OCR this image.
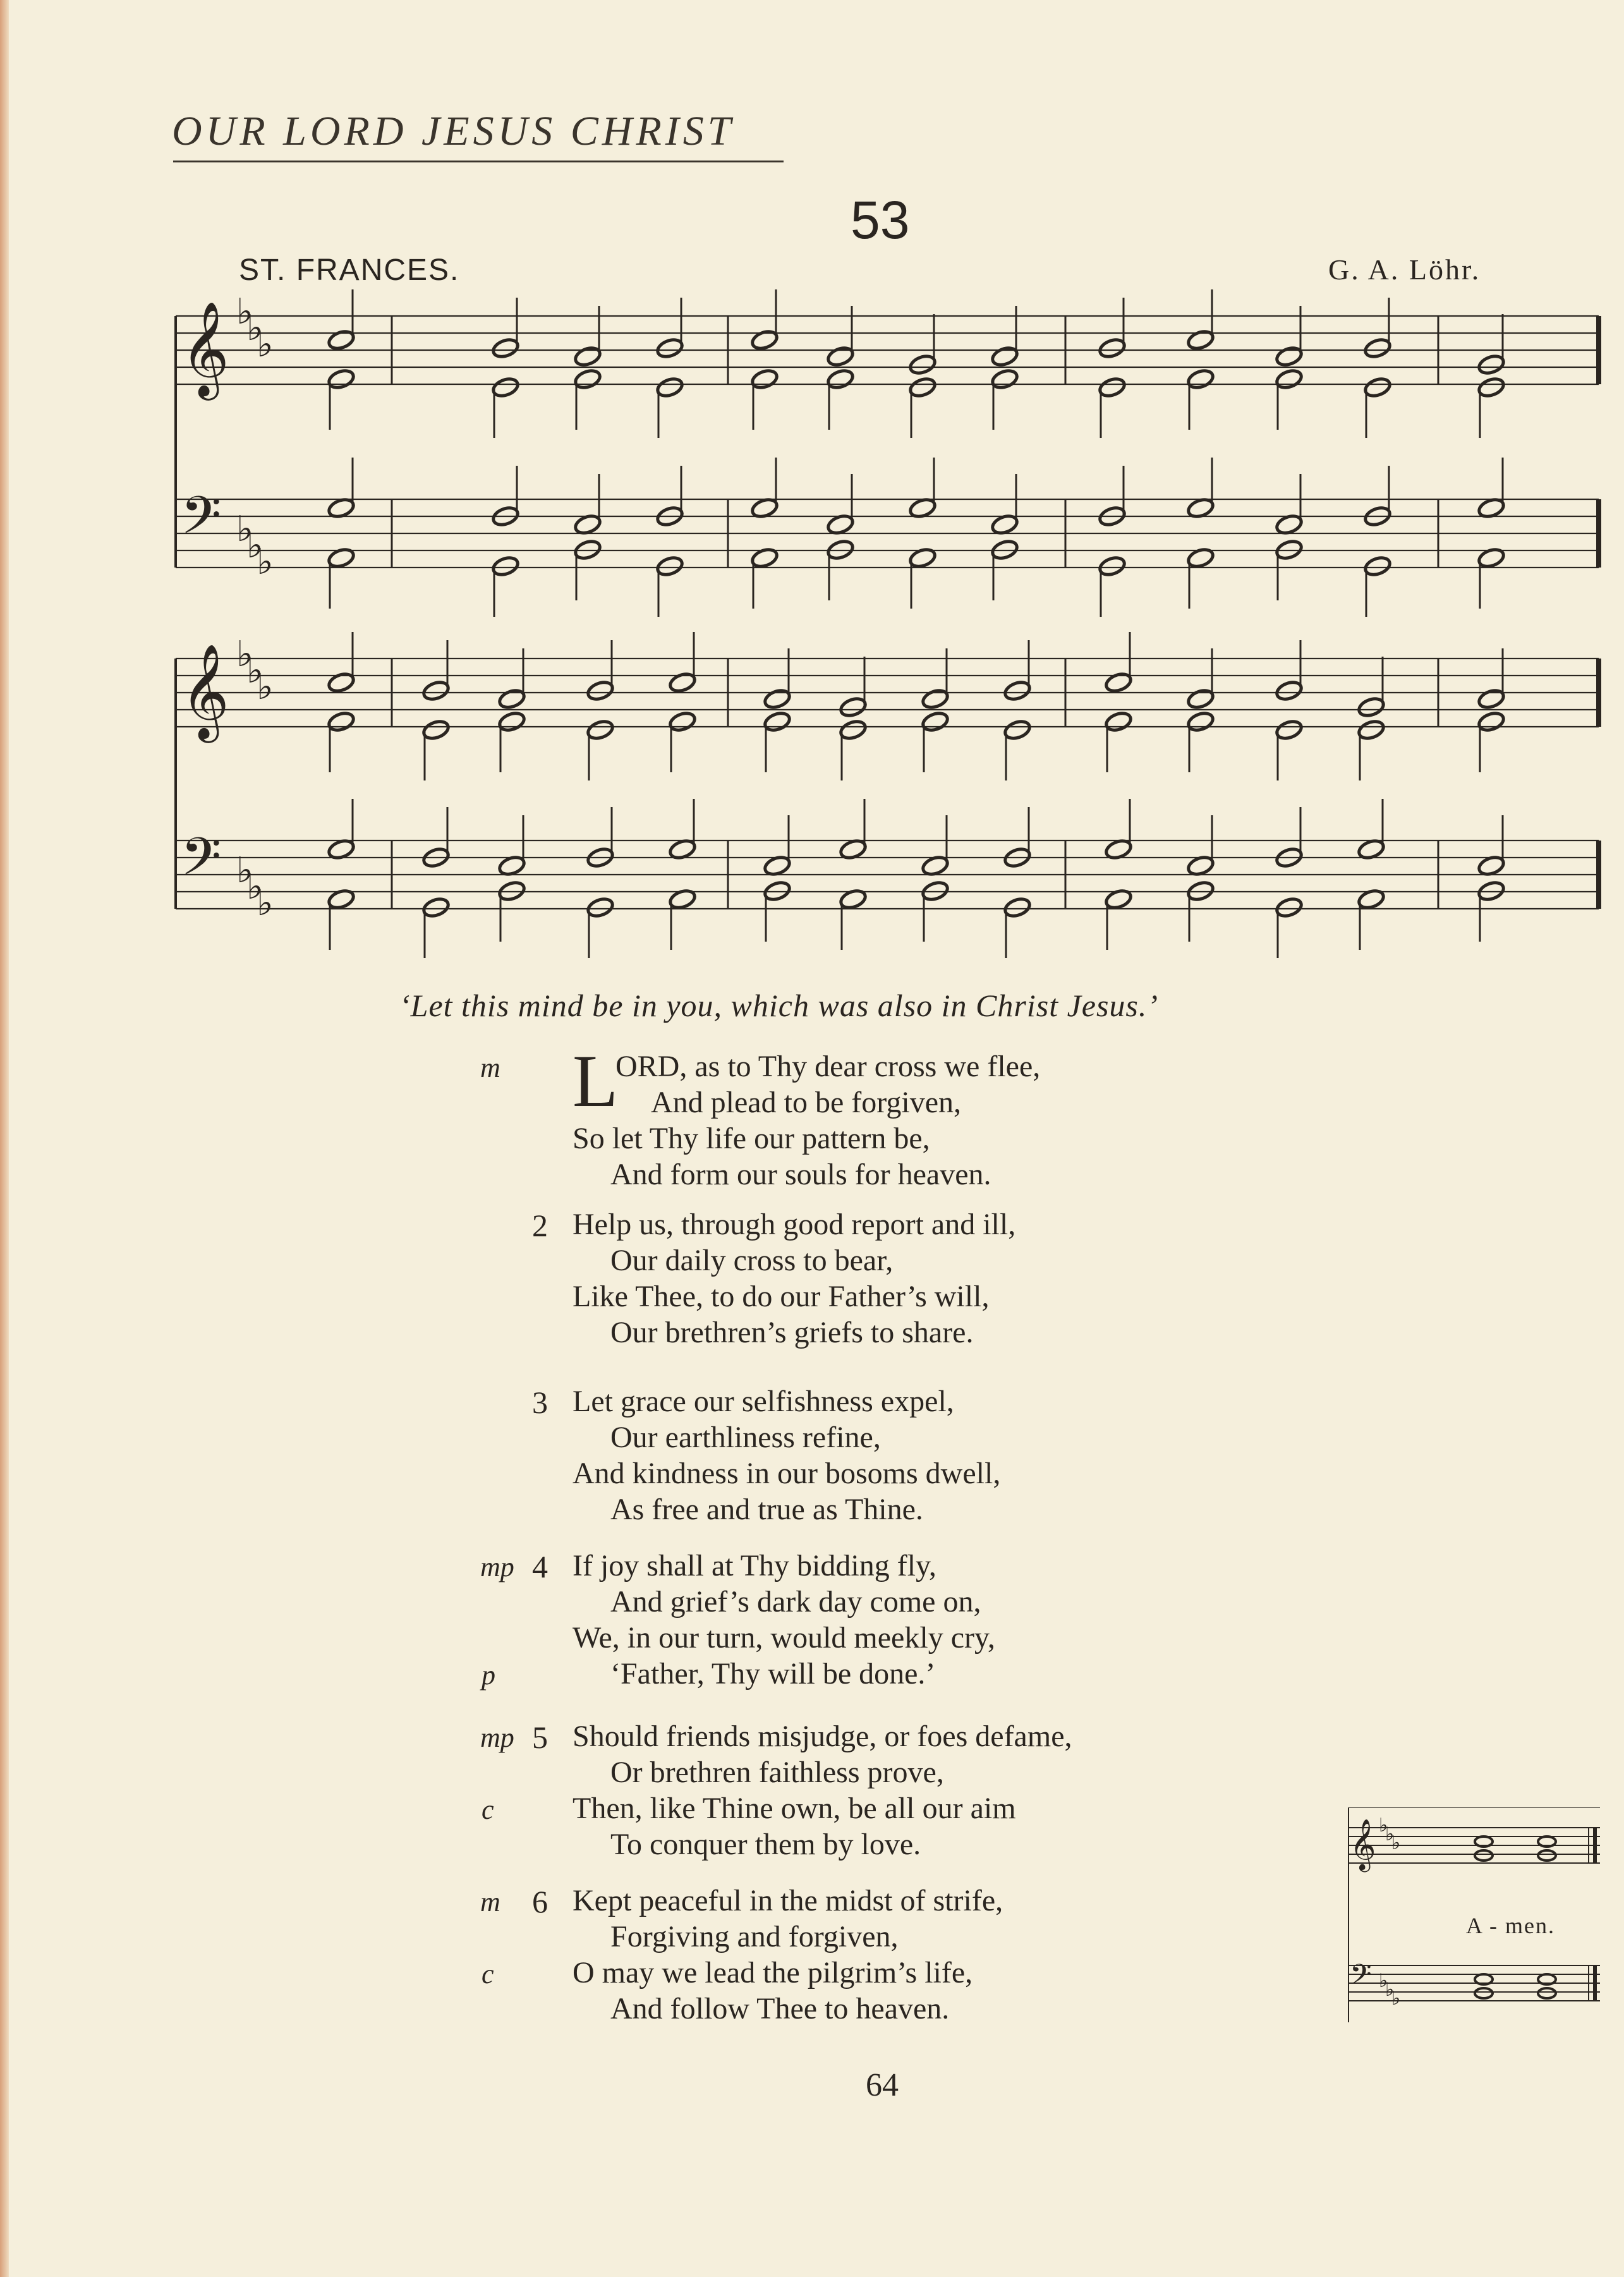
OUR LORD JESUS CHRIST
53
ST. FRANCES.	G. A. Löhr.
𝄞
𝄢
♭
♭
♭
♭
♭
♭
𝄞
𝄢
♭
♭
♭
♭
♭
♭
‘Let this mind be in you, which was also in Christ Jesus.’
m L
ORD, as to Thy dear cross we flee,
And plead to be forgiven,
So let Thy life our pattern be,
And form our souls for heaven.
2 Help us, through good report and ill,
Our daily cross to bear,
Like Thee, to do our Father’s will,
Our brethren’s griefs to share.
3 Let grace our selfishness expel,
Our earthliness refine,
And kindness in our bosoms dwell,
As free and true as Thine.
mp 4 If joy shall at Thy bidding fly,
And grief’s dark day come on,
We, in our turn, would meekly cry,
‘Father, Thy will be done.’
p
mp 5 Should friends misjudge, or foes defame,
Or brethren faithless prove,
Then, like Thine own, be all our aim
c
To conquer them by love.
m 6 Kept peaceful in the midst of strife,
Forgiving and forgiven,
O may we lead the pilgrim’s life,
c
And follow Thee to heaven.
𝄞 ♭
♭
♭
𝄢 ♭
♭
♭
A - men.
64
